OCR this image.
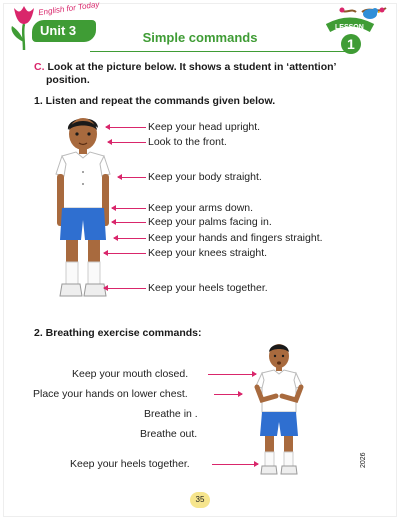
English for Today
Unit 3	Simple commands
LESSON
1
C. Look at the picture below. It shows a student in ‘attention’
position.
1. Listen and repeat the commands given below.
Keep your head upright.
Look to the front.
Keep your body straight.
Keep your arms down.
Keep your palms facing in.
Keep your hands and fingers straight.
Keep your knees straight.
Keep your heels together.
2. Breathing exercise commands:
Keep your mouth closed.
Place your hands on lower chest.
Breathe in .
Breathe out.
Keep your heels together.
35
2026
